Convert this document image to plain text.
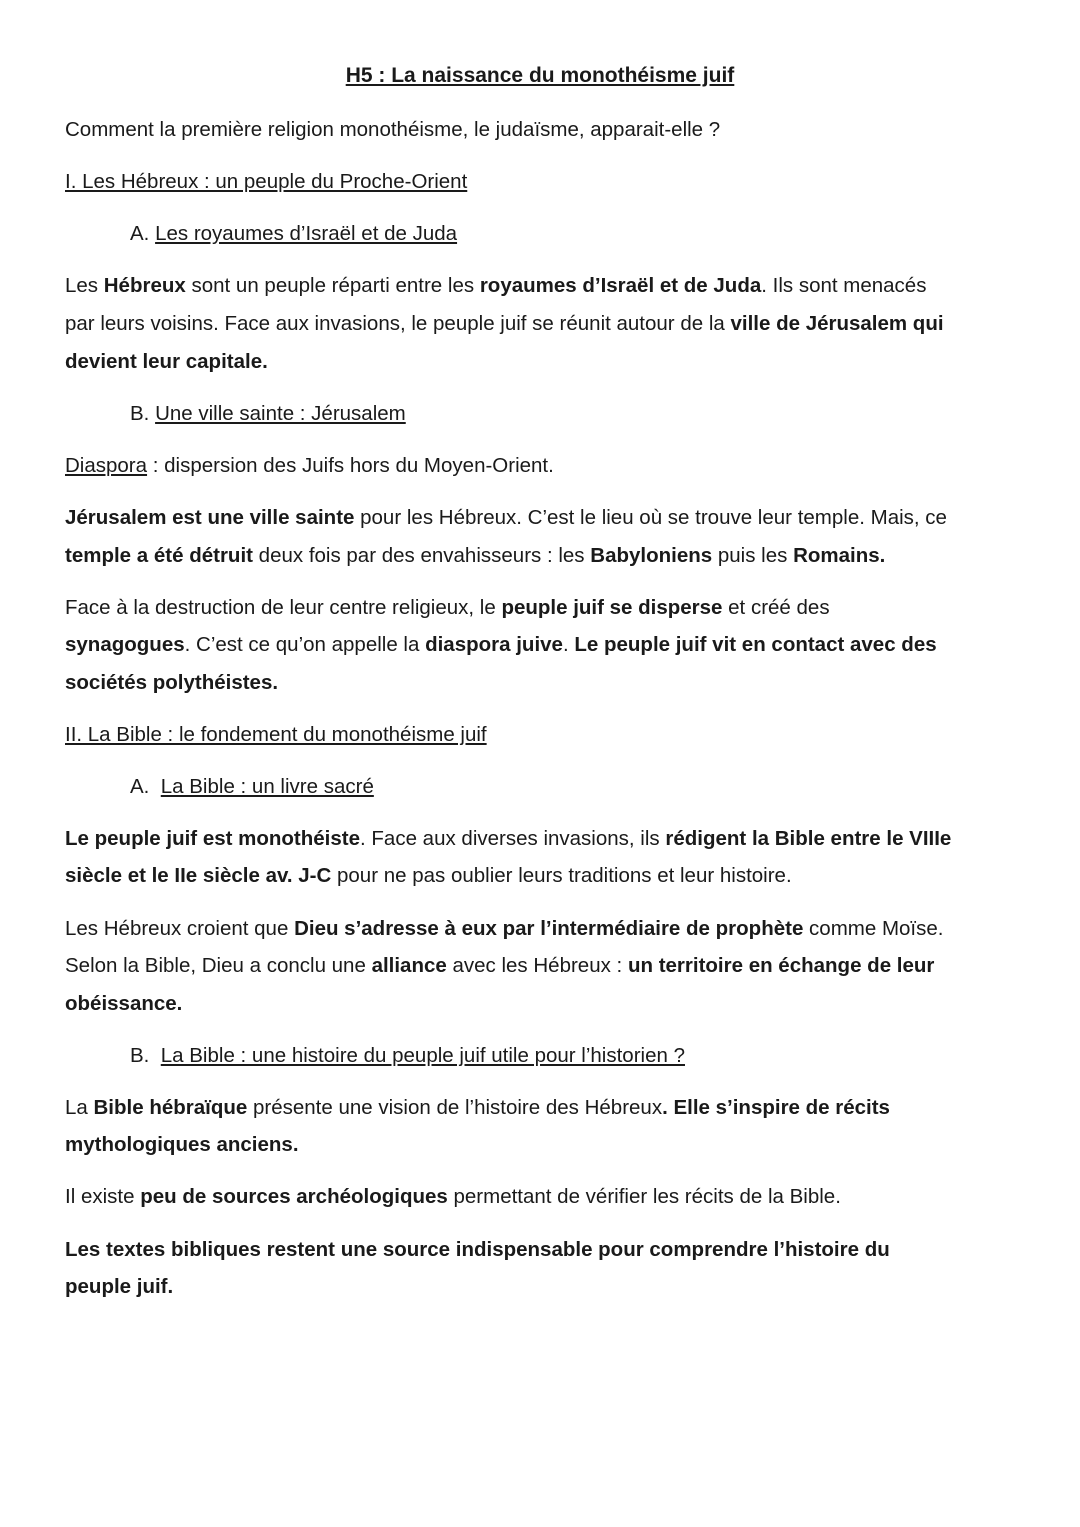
H5 : La naissance du monothéisme juif

Comment la première religion monothéisme, le judaïsme, apparait-elle ?

I. Les Hébreux : un peuple du Proche-Orient

A. Les royaumes d’Israël et de Juda

Les Hébreux sont un peuple réparti entre les royaumes d’Israël et de Juda. Ils sont menacés

par leurs voisins. Face aux invasions, le peuple juif se réunit autour de la ville de Jérusalem qui

devient leur capitale.

B. Une ville sainte : Jérusalem

Diaspora : dispersion des Juifs hors du Moyen-Orient.

Jérusalem est une ville sainte pour les Hébreux. C’est le lieu où se trouve leur temple. Mais, ce

temple a été détruit deux fois par des envahisseurs : les Babyloniens puis les Romains.

Face à la destruction de leur centre religieux, le peuple juif se disperse et créé des

synagogues. C’est ce qu’on appelle la diaspora juive. Le peuple juif vit en contact avec des

sociétés polythéistes.

II. La Bible : le fondement du monothéisme juif

A.  La Bible : un livre sacré

Le peuple juif est monothéiste. Face aux diverses invasions, ils rédigent la Bible entre le VIIIe

siècle et le IIe siècle av. J-C pour ne pas oublier leurs traditions et leur histoire.

Les Hébreux croient que Dieu s’adresse à eux par l’intermédiaire de prophète comme Moïse.

Selon la Bible, Dieu a conclu une alliance avec les Hébreux : un territoire en échange de leur

obéissance.

B.  La Bible : une histoire du peuple juif utile pour l’historien ?

La Bible hébraïque présente une vision de l’histoire des Hébreux. Elle s’inspire de récits

mythologiques anciens.

Il existe peu de sources archéologiques permettant de vérifier les récits de la Bible.

Les textes bibliques restent une source indispensable pour comprendre l’histoire du

peuple juif.
